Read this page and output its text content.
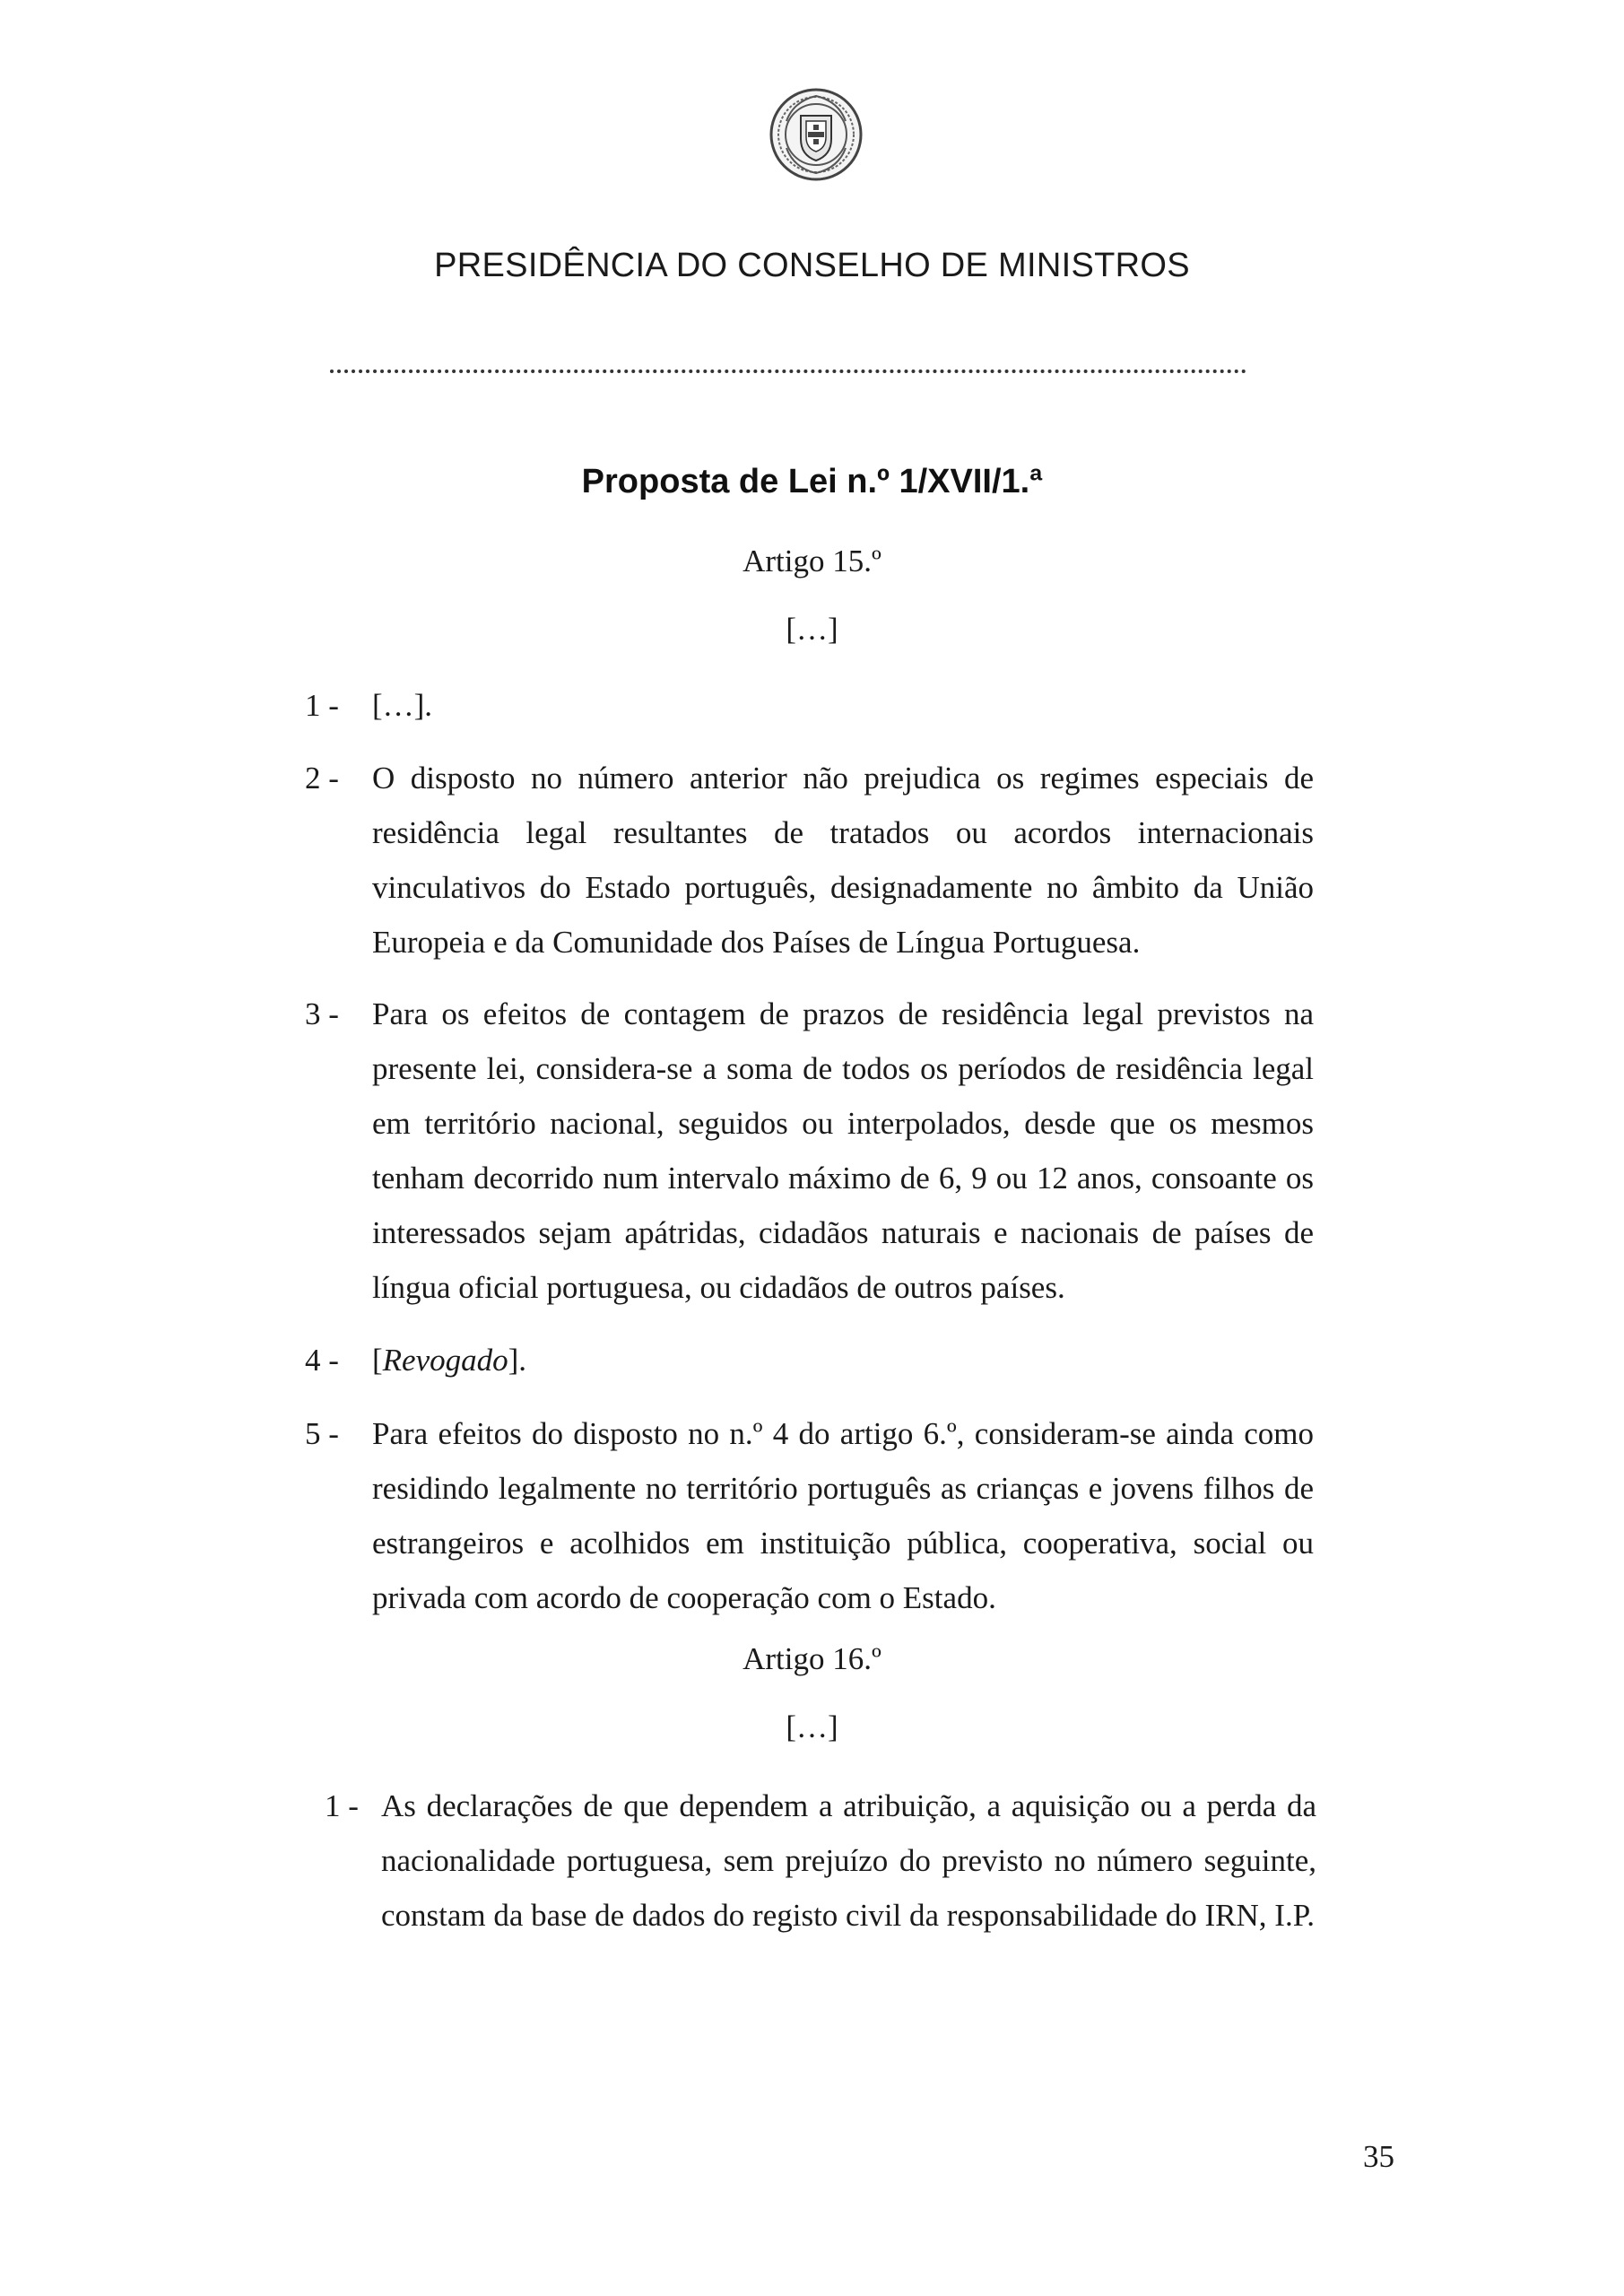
PRESIDÊNCIA DO CONSELHO DE MINISTROS
Proposta de Lei n.º 1/XVII/1.ª
Artigo 15.º
[…]
1 - […].
2 - O disposto no número anterior não prejudica os regimes especiais de residência legal resultantes de tratados ou acordos internacionais vinculativos do Estado português, designadamente no âmbito da União Europeia e da Comunidade dos Países de Língua Portuguesa.
3 - Para os efeitos de contagem de prazos de residência legal previstos na presente lei, considera-se a soma de todos os períodos de residência legal em território nacional, seguidos ou interpolados, desde que os mesmos tenham decorrido num intervalo máximo de 6, 9 ou 12 anos, consoante os interessados sejam apátridas, cidadãos naturais e nacionais de países de língua oficial portuguesa, ou cidadãos de outros países.
4 - [Revogado].
5 - Para efeitos do disposto no n.º 4 do artigo 6.º, consideram-se ainda como residindo legalmente no território português as crianças e jovens filhos de estrangeiros e acolhidos em instituição pública, cooperativa, social ou privada com acordo de cooperação com o Estado.
Artigo 16.º
[…]
1 - As declarações de que dependem a atribuição, a aquisição ou a perda da nacionalidade portuguesa, sem prejuízo do previsto no número seguinte, constam da base de dados do registo civil da responsabilidade do IRN, I.P.
35
